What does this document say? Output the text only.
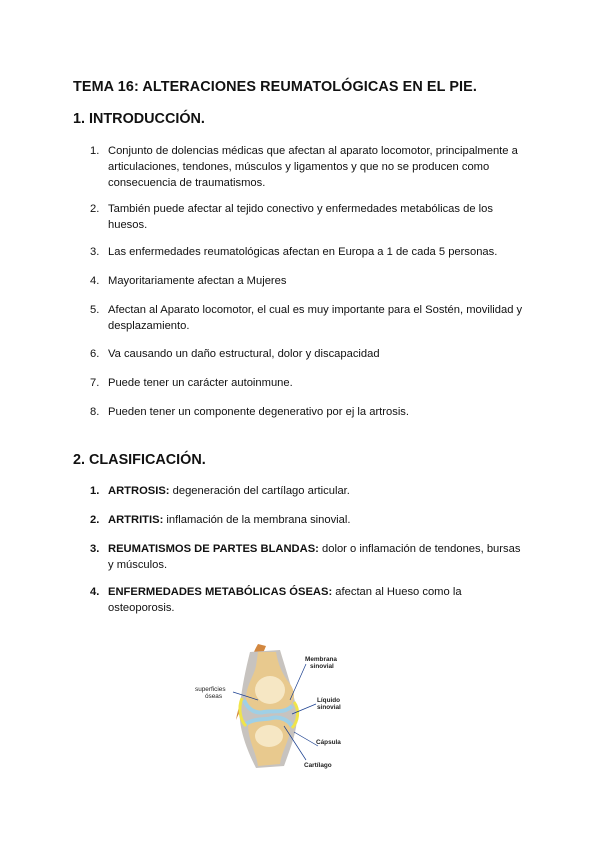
TEMA 16: ALTERACIONES REUMATOLÓGICAS EN EL PIE.
1. INTRODUCCIÓN.
1. Conjunto de dolencias médicas que afectan al aparato locomotor, principalmente a articulaciones, tendones, músculos y ligamentos y que no se producen como consecuencia de traumatismos.
2. También puede afectar al tejido conectivo y enfermedades metabólicas de los huesos.
3. Las enfermedades reumatológicas afectan en Europa a 1 de cada 5 personas.
4. Mayoritariamente afectan a Mujeres
5. Afectan al Aparato locomotor, el cual es muy importante para el Sostén, movilidad y desplazamiento.
6. Va causando un daño estructural, dolor y discapacidad
7. Puede tener un carácter autoinmune.
8. Pueden tener un componente degenerativo por ej la artrosis.
2. CLASIFICACIÓN.
1. ARTROSIS: degeneración del cartílago articular.
2. ARTRITIS: inflamación de la membrana sinovial.
3. REUMATISMOS DE PARTES BLANDAS: dolor o inflamación de tendones, bursas y músculos.
4. ENFERMEDADES METABÓLICAS ÓSEAS: afectan al Hueso como la osteoporosis.
Membrana
sinovial
superficies
óseas
Líquido
sinovial
Cápsula
Cartílago
